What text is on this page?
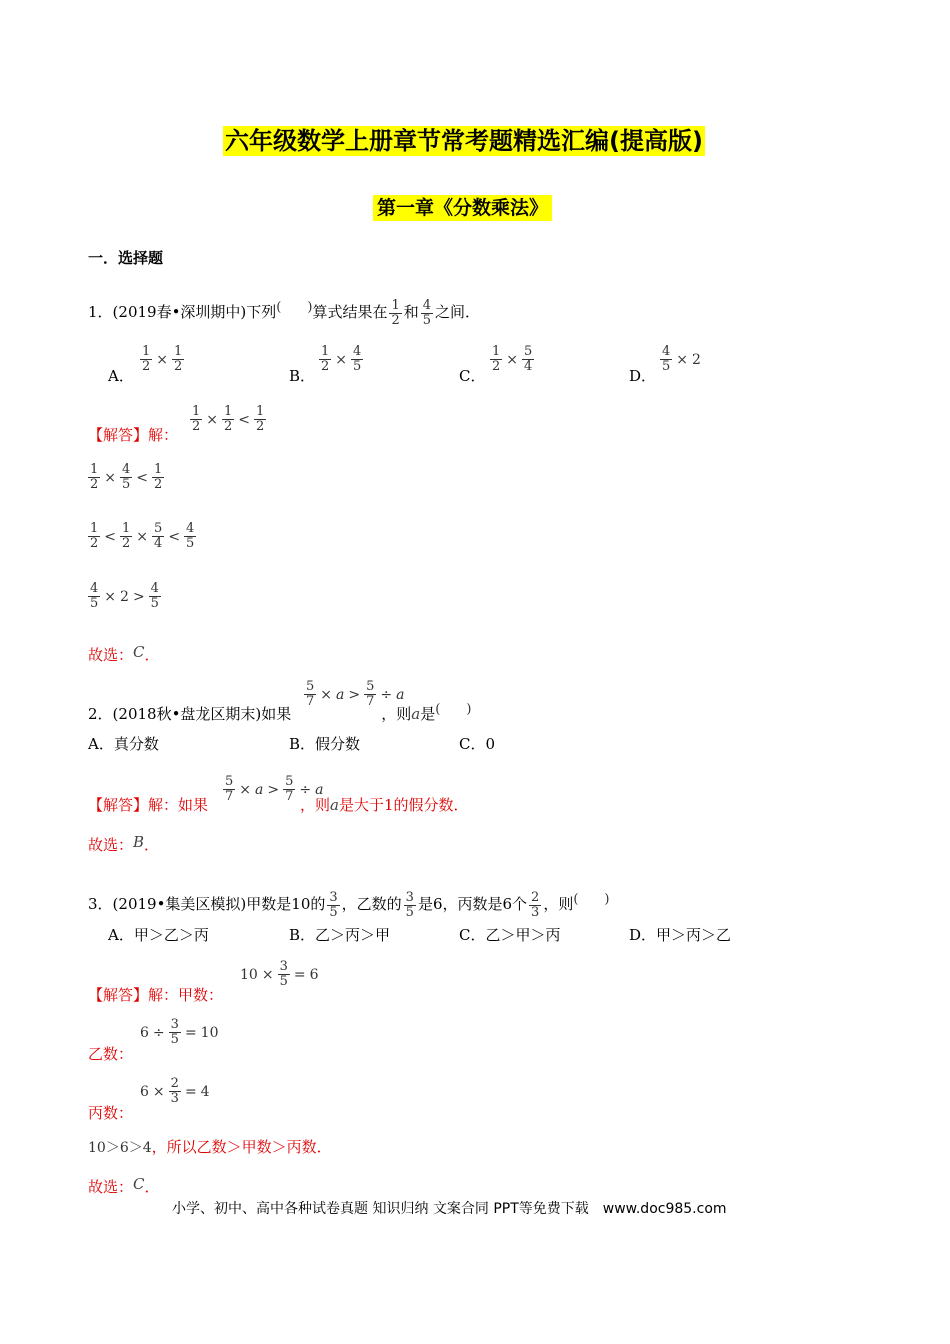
六年级数学上册章节常考题精选汇编(提高版)
第一章《分数乘法》
一．选择题
1．(2019春•深圳期中)下列(　　)算式结果在 $\frac{1}{2}$ 和 $\frac{4}{5}$ 之间．
A．
$\frac{1}{2} \times \frac{1}{2}$
B．
$\frac{1}{2} \times \frac{4}{5}$
C．
$\frac{1}{2} \times \frac{5}{4}$
D．
$\frac{4}{5} \times 2$
【解答】解：
$\frac{1}{2} \times \frac{1}{2} < \frac{1}{2}$
$\frac{1}{2} \times \frac{4}{5} < \frac{1}{2}$
$\frac{1}{2} < \frac{1}{2} \times \frac{5}{4} < \frac{4}{5}$
$\frac{4}{5} \times 2 > \frac{4}{5}$
故选：C．
$\frac{5}{7} \times a > \frac{5}{7} \div a$
2．(2018秋•盘龙区期末)如果	，则a是(　　)
A．真分数	B．假分数	C．0
$\frac{5}{7} \times a > \frac{5}{7} \div a$
【解答】解：如果	，则a是大于1的假分数．
故选：B．
3．(2019•集美区模拟)甲数是10的 $\frac{3}{5}$ ，乙数的 $\frac{3}{5}$ 是6，丙数是6个 $\frac{2}{3}$ ，则(　　)
A．甲＞乙＞丙	B．乙＞丙＞甲	C．乙＞甲＞丙	D．甲＞丙＞乙
$10 \times \frac{3}{5} = 6$
【解答】解：甲数：
$6 \div \frac{3}{5} = 10$
乙数：
$6 \times \frac{2}{3} = 4$
丙数：
10＞6＞4，所以乙数＞甲数＞丙数．
故选：C．
小学、初中、高中各种试卷真题 知识归纳 文案合同 PPT等免费下载　www.doc985.com
